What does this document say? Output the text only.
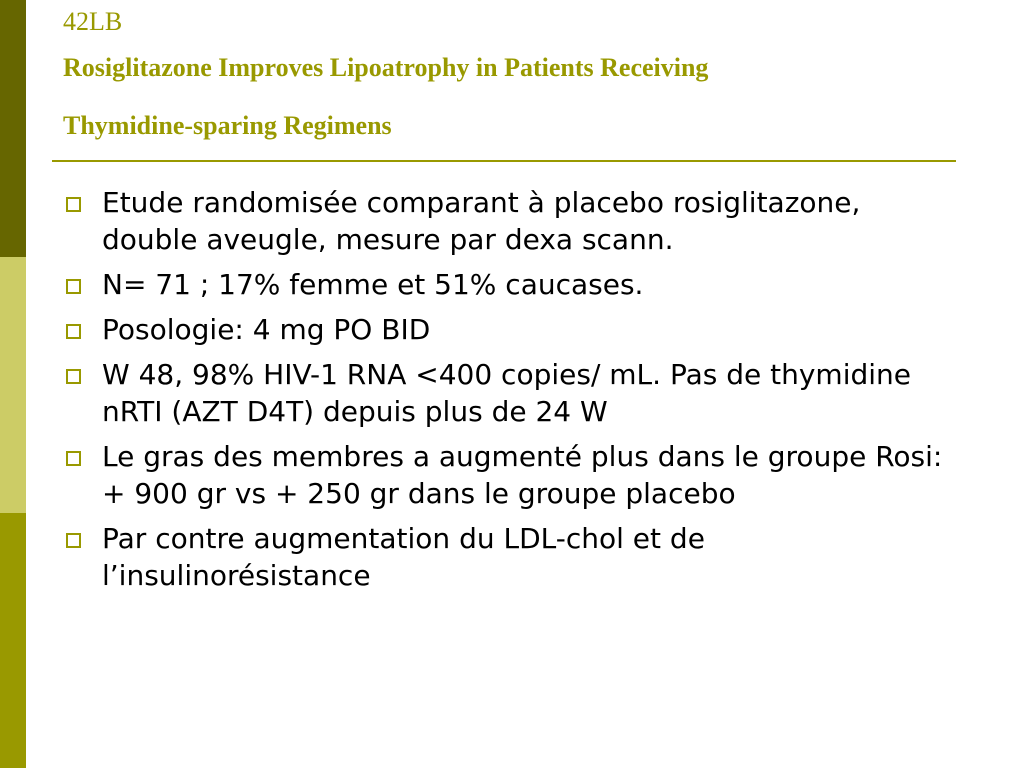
42LB
Rosiglitazone Improves Lipoatrophy in Patients Receiving
Thymidine-sparing Regimens
Etude randomisée comparant à placebo rosiglitazone, double aveugle, mesure par dexa scann.
N= 71 ; 17% femme et 51% caucases.
Posologie: 4 mg PO BID
W 48, 98% HIV-1 RNA <400 copies/ mL. Pas de thymidine nRTI (AZT D4T) depuis plus de 24 W
Le gras des membres a augmenté plus dans le groupe Rosi: + 900 gr vs + 250 gr dans le groupe placebo
Par contre augmentation du LDL-chol et de l’insulinorésistance
